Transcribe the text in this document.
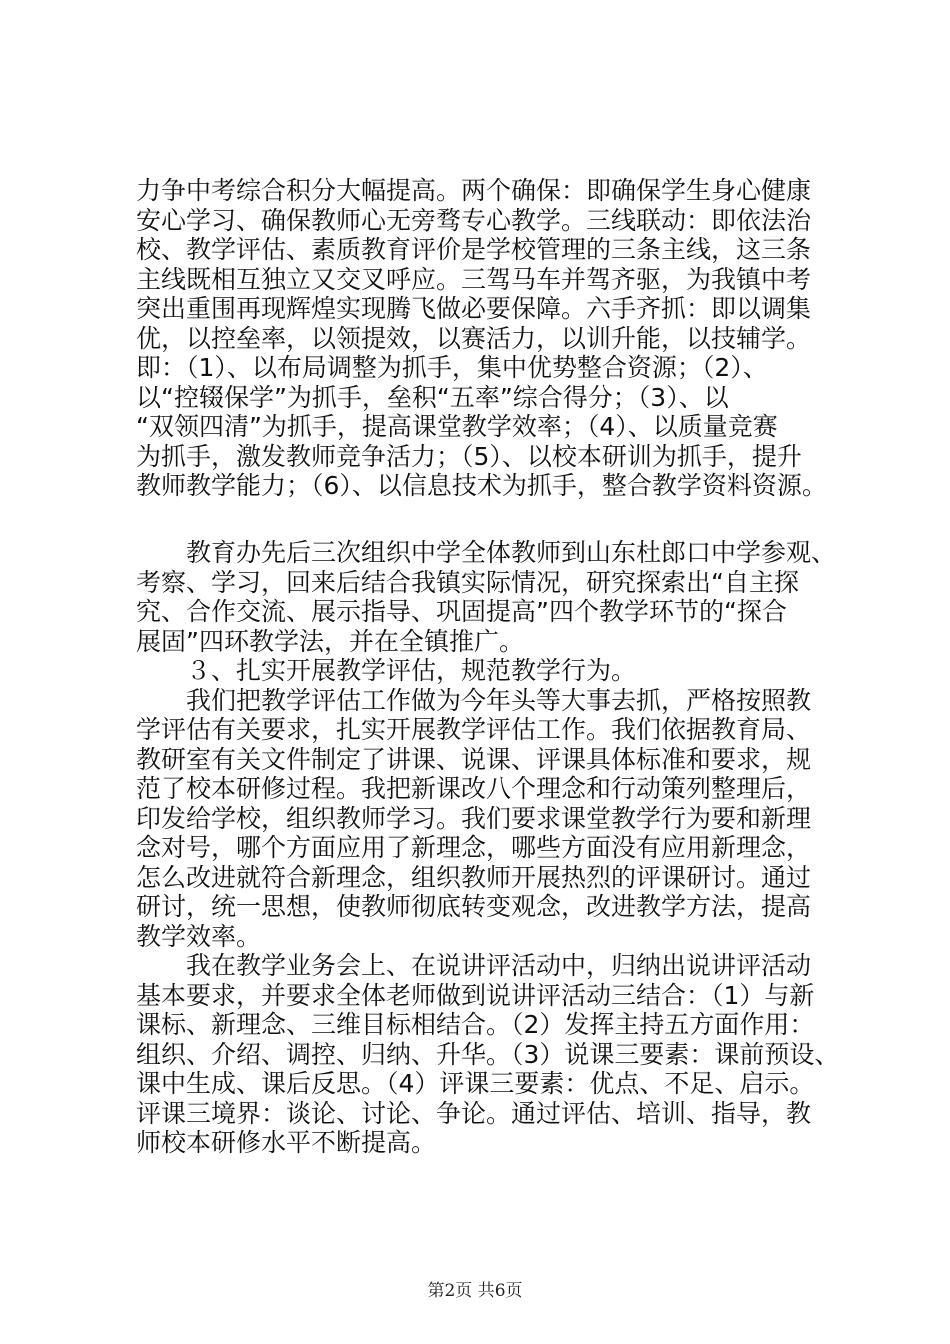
力争中考综合积分大幅提高。两个确保：即确保学生身心健康
安心学习、确保教师心无旁骛专心教学。三线联动：即依法治
校、教学评估、素质教育评价是学校管理的三条主线，这三条
主线既相互独立又交叉呼应。三驾马车并驾齐驱，为我镇中考
突出重围再现辉煌实现腾飞做必要保障。六手齐抓：即以调集
优，以控垒率，以领提效，以赛活力，以训升能，以技辅学。
即：（1）、以布局调整为抓手，集中优势整合资源；（2）、
以“控辍保学”为抓手，垒积“五率”综合得分；（3）、以
“双领四清”为抓手，提高课堂教学效率；（4）、以质量竞赛
为抓手，激发教师竞争活力；（5）、以校本研训为抓手，提升
教师教学能力；（6）、以信息技术为抓手，整合教学资料资源。
　　教育办先后三次组织中学全体教师到山东杜郎口中学参观、
考察、学习，回来后结合我镇实际情况，研究探索出“自主探
究、合作交流、展示指导、巩固提高”四个教学环节的“探合
展固”四环教学法，并在全镇推广。
　　３、扎实开展教学评估，规范教学行为。
　　我们把教学评估工作做为今年头等大事去抓，严格按照教
学评估有关要求，扎实开展教学评估工作。我们依据教育局、
教研室有关文件制定了讲课、说课、评课具体标准和要求，规
范了校本研修过程。我把新课改八个理念和行动策列整理后，
印发给学校，组织教师学习。我们要求课堂教学行为要和新理
念对号，哪个方面应用了新理念，哪些方面没有应用新理念，
怎么改进就符合新理念，组织教师开展热烈的评课研讨。通过
研讨，统一思想，使教师彻底转变观念，改进教学方法，提高
教学效率。
　　我在教学业务会上、在说讲评活动中，归纳出说讲评活动
基本要求，并要求全体老师做到说讲评活动三结合：（1）与新
课标、新理念、三维目标相结合。（2）发挥主持五方面作用：
组织、介绍、调控、归纳、升华。（3）说课三要素：课前预设、
课中生成、课后反思。（4）评课三要素：优点、不足、启示。
评课三境界：谈论、讨论、争论。通过评估、培训、指导，教
师校本研修水平不断提高。
第2页 共6页
